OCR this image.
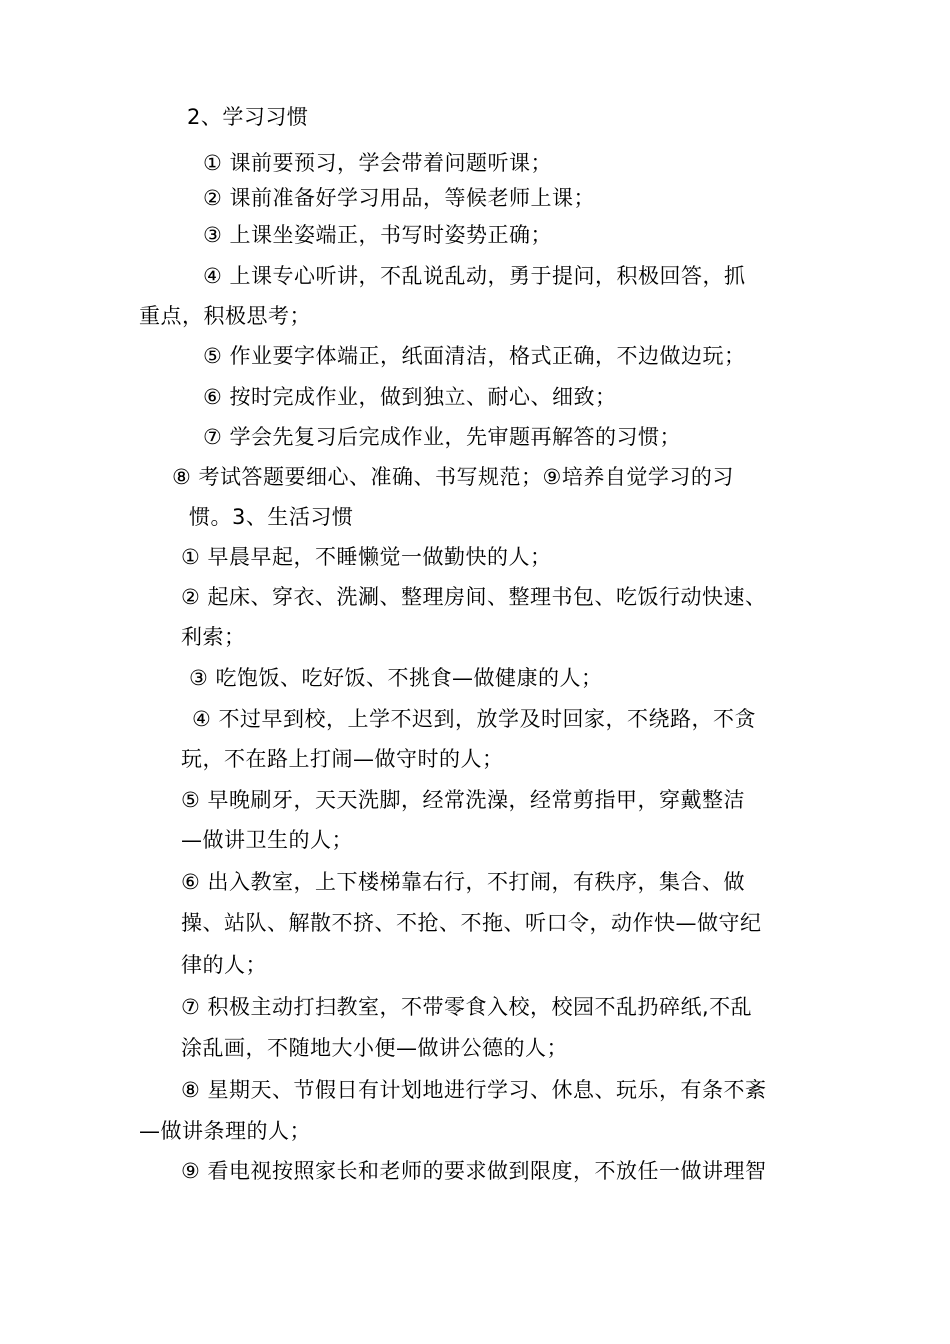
2、学习习惯

① 课前要预习，学会带着问题听课；

② 课前准备好学习用品，等候老师上课；

③ 上课坐姿端正，书写时姿势正确；

④ 上课专心听讲，不乱说乱动，勇于提问，积极回答，抓

重点，积极思考；

⑤ 作业要字体端正，纸面清洁，格式正确，不边做边玩；

⑥ 按时完成作业，做到独立、耐心、细致；

⑦ 学会先复习后完成作业，先审题再解答的习惯；

⑧ 考试答题要细心、准确、书写规范；⑨培养自觉学习的习

惯。3、生活习惯

① 早晨早起，不睡懒觉一做勤快的人；

② 起床、穿衣、洗涮、整理房间、整理书包、吃饭行动快速、

利索；

③ 吃饱饭、吃好饭、不挑食—做健康的人；

④ 不过早到校，上学不迟到，放学及时回家，不绕路，不贪

玩，不在路上打闹—做守时的人；

⑤ 早晚刷牙，天天洗脚，经常洗澡，经常剪指甲，穿戴整洁

—做讲卫生的人；

⑥ 出入教室，上下楼梯靠右行，不打闹，有秩序，集合、做

操、站队、解散不挤、不抢、不拖、听口令，动作快—做守纪

律的人；

⑦ 积极主动打扫教室，不带零食入校，校园不乱扔碎纸,不乱

涂乱画，不随地大小便—做讲公德的人；

⑧ 星期天、节假日有计划地进行学习、休息、玩乐，有条不紊

—做讲条理的人；

⑨ 看电视按照家长和老师的要求做到限度，不放任一做讲理智
